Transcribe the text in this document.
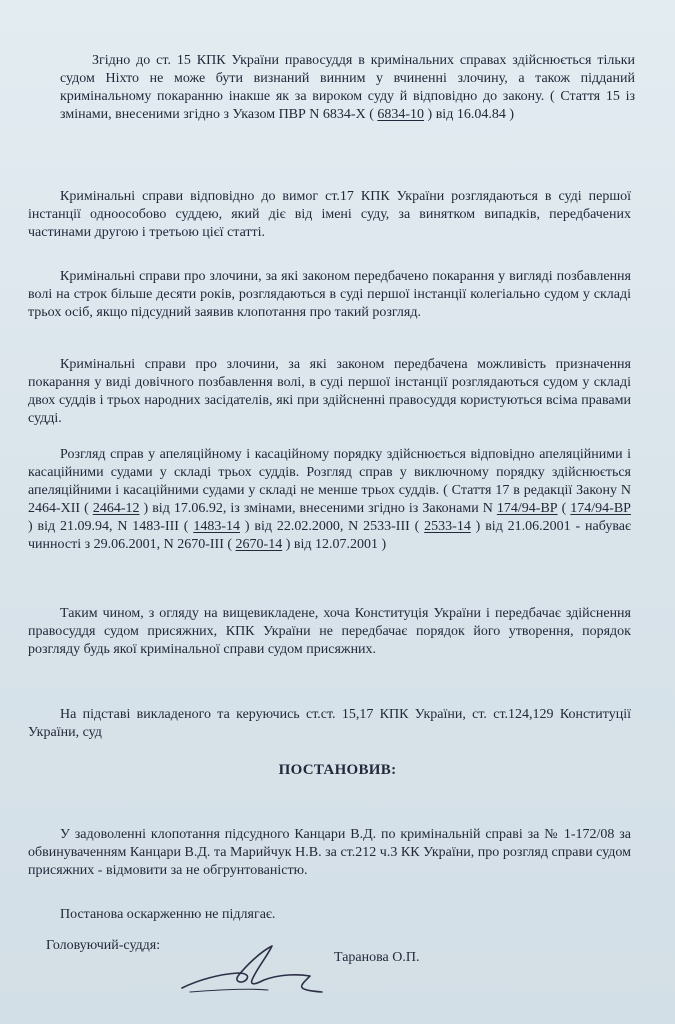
Згідно до ст. 15 КПК України правосуддя в кримінальних справах здійснюється тільки судом Ніхто не може бути визнаний винним у вчиненні злочину, а також підданий кримінальному покаранню інакше як за вироком суду й відповідно до закону. ( Стаття 15 із змінами, внесеними згідно з Указом ПВР N 6834-X ( 6834-10 ) від 16.04.84 )

Кримінальні справи відповідно до вимог ст.17 КПК України розглядаються в суді першої інстанції одноособово суддею, який діє від імені суду, за винятком випадків, передбачених частинами другою і третьою цієї статті.

Кримінальні справи про злочини, за які законом передбачено покарання у вигляді позбавлення волі на строк більше десяти років, розглядаються в суді першої інстанції колегіально судом у складі трьох осіб, якщо підсудний заявив клопотання про такий розгляд.

Кримінальні справи про злочини, за які законом передбачена можливість призначення покарання у виді довічного позбавлення волі, в суді першої інстанції розглядаються судом у складі двох суддів і трьох народних засідателів, які при здійсненні правосуддя користуються всіма правами судді.

Розгляд справ у апеляційному і касаційному порядку здійснюється відповідно апеляційними і касаційними судами у складі трьох суддів. Розгляд справ у виключному порядку здійснюється апеляційними і касаційними судами у складі не менше трьох суддів. ( Стаття 17 в редакції Закону N 2464-XII ( 2464-12 ) від 17.06.92, із змінами, внесеними згідно із Законами N 174/94-ВР ( 174/94-ВР ) від 21.09.94, N 1483-III ( 1483-14 ) від 22.02.2000, N 2533-III ( 2533-14 ) від 21.06.2001 - набуває чинності з 29.06.2001, N 2670-III ( 2670-14 ) від 12.07.2001 )

Таким чином, з огляду на вищевикладене, хоча Конституція України і передбачає здійснення правосуддя судом присяжних, КПК України не передбачає порядок його утворення, порядок розгляду будь якої кримінальної справи судом присяжних.

На підставі викладеного та керуючись ст.ст. 15,17 КПК України, ст. ст.124,129 Конституції України, суд

ПОСТАНОВИВ:

У задоволенні клопотання підсудного Канцари В.Д. по кримінальній справі за № 1-172/08 за обвинуваченням Канцари В.Д. та Марийчук Н.В. за ст.212 ч.3 КК України, про розгляд справи судом присяжних - відмовити за не обгрунтованістю.

Постанова оскарженню не підлягає.
Головуючий-суддя:
Таранова О.П.
